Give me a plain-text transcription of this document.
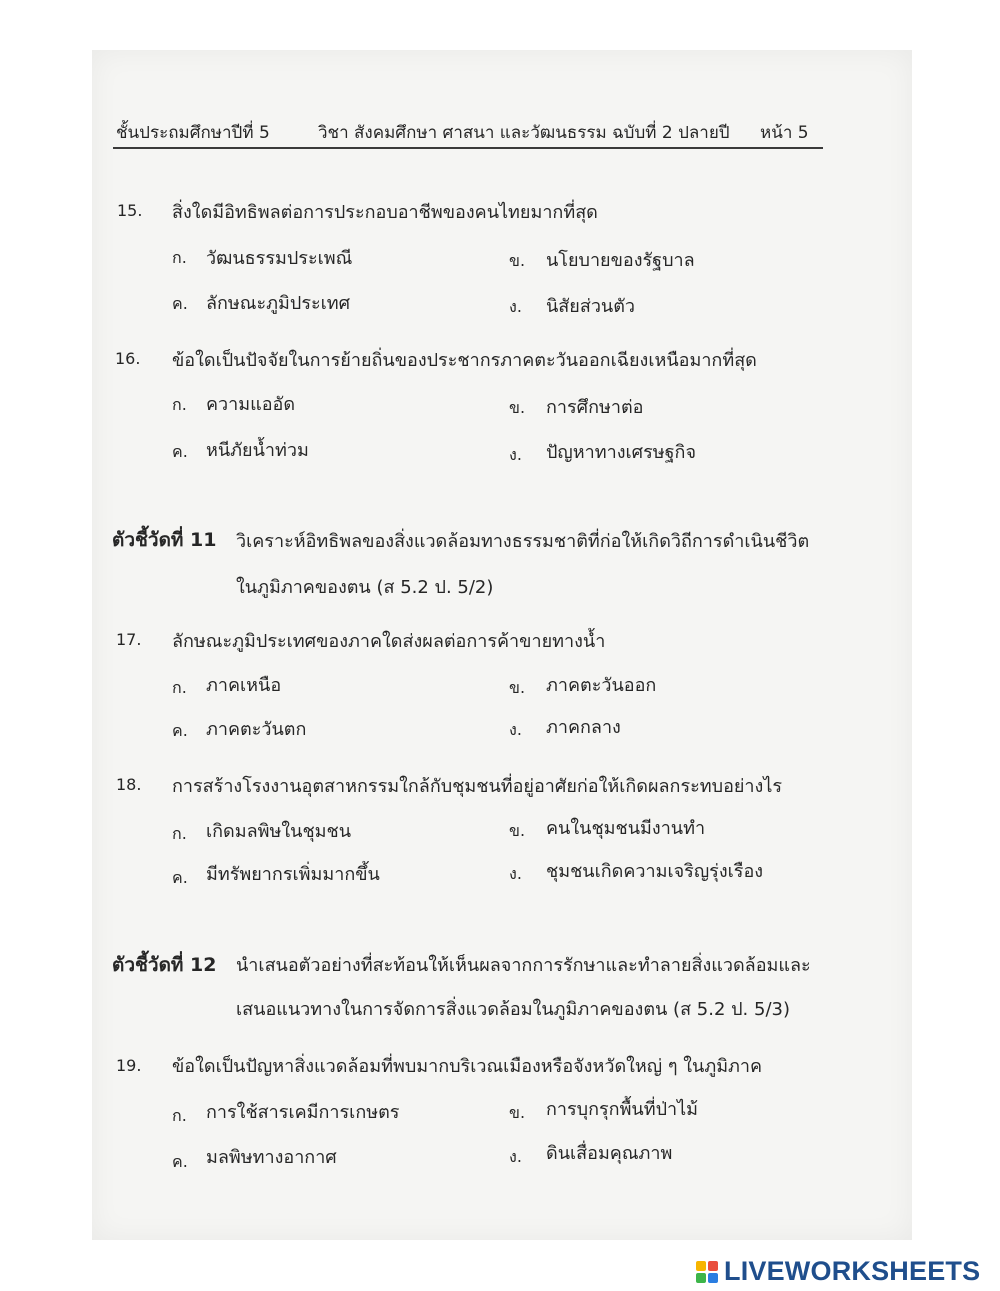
ชั้นประถมศึกษาปีที่ 5	วิชา สังคมศึกษา ศาสนา และวัฒนธรรม ฉบับที่ 2 ปลายปี หน้า 5
15. สิ่งใดมีอิทธิพลต่อการประกอบอาชีพของคนไทยมากที่สุด
ก. วัฒนธรรมประเพณี	ข. นโยบายของรัฐบาล
ค. ลักษณะภูมิประเทศ	ง. นิสัยส่วนตัว
16. ข้อใดเป็นปัจจัยในการย้ายถิ่นของประชากรภาคตะวันออกเฉียงเหนือมากที่สุด
ก. ความแออัด	ข. การศึกษาต่อ
ค. หนีภัยน้ำท่วม	ง. ปัญหาทางเศรษฐกิจ
ตัวชี้วัดที่ 11 วิเคราะห์อิทธิพลของสิ่งแวดล้อมทางธรรมชาติที่ก่อให้เกิดวิถีการดำเนินชีวิต
ในภูมิภาคของตน (ส 5.2 ป. 5/2)
17. ลักษณะภูมิประเทศของภาคใดส่งผลต่อการค้าขายทางน้ำ
ก. ภาคเหนือ	ข. ภาคตะวันออก
ค. ภาคตะวันตก	ง. ภาคกลาง
18. การสร้างโรงงานอุตสาหกรรมใกล้กับชุมชนที่อยู่อาศัยก่อให้เกิดผลกระทบอย่างไร
ก. เกิดมลพิษในชุมชน	ข. คนในชุมชนมีงานทำ
ค. มีทรัพยากรเพิ่มมากขึ้น	ง. ชุมชนเกิดความเจริญรุ่งเรือง
ตัวชี้วัดที่ 12 นำเสนอตัวอย่างที่สะท้อนให้เห็นผลจากการรักษาและทำลายสิ่งแวดล้อมและ
เสนอแนวทางในการจัดการสิ่งแวดล้อมในภูมิภาคของตน (ส 5.2 ป. 5/3)
19. ข้อใดเป็นปัญหาสิ่งแวดล้อมที่พบมากบริเวณเมืองหรือจังหวัดใหญ่ ๆ ในภูมิภาค
ก. การใช้สารเคมีการเกษตร	ข. การบุกรุกพื้นที่ป่าไม้
ค. มลพิษทางอากาศ	ง. ดินเสื่อมคุณภาพ
LIVEWORKSHEETS
